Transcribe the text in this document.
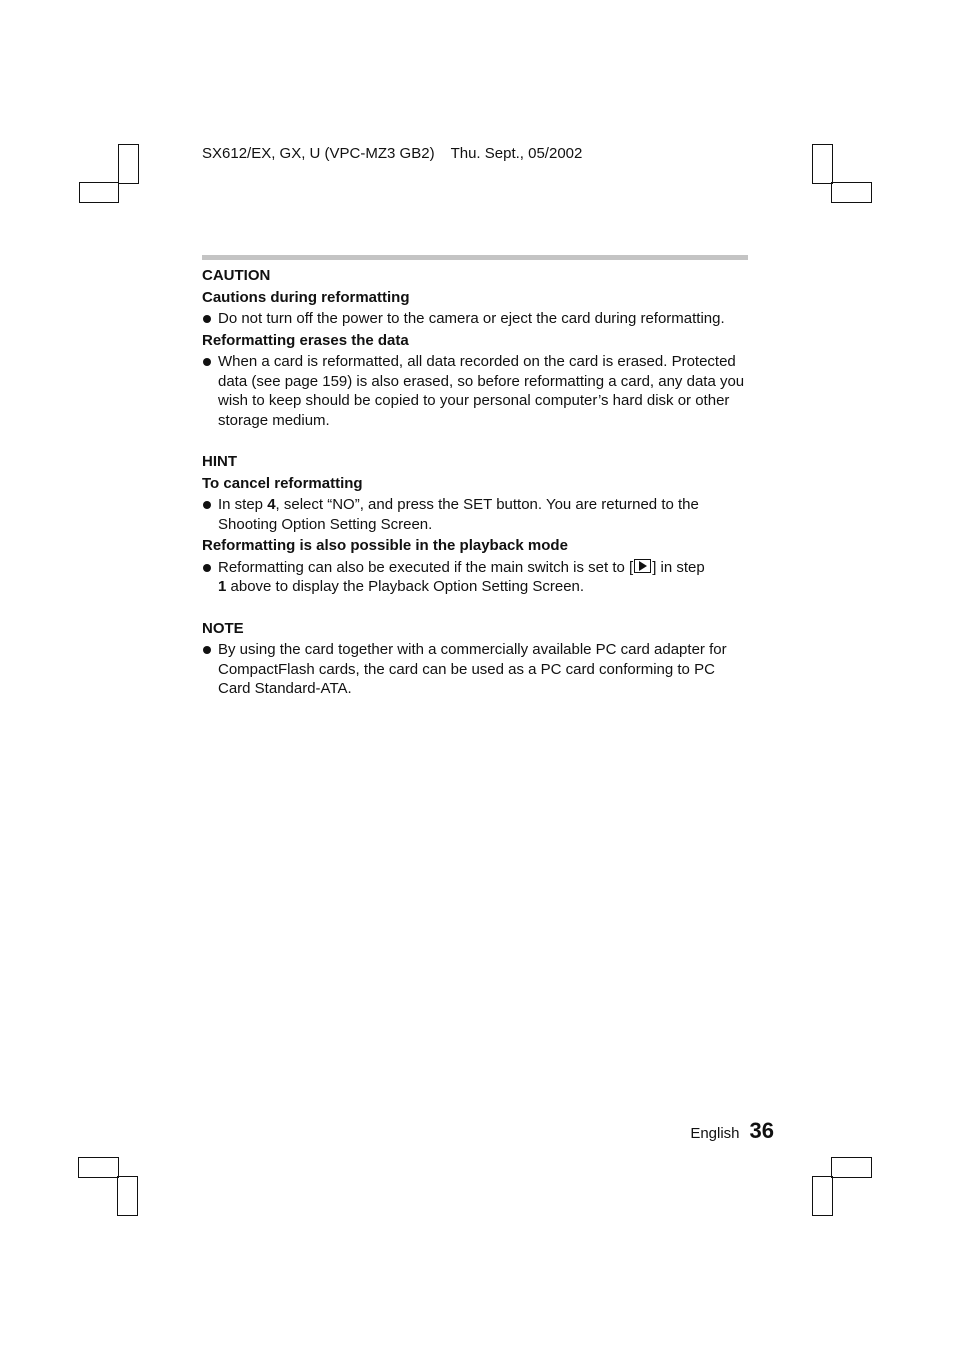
SX612/EX, GX, U (VPC-MZ3 GB2) Thu. Sept., 05/2002
CAUTION
Cautions during reformatting
Do not turn off the power to the camera or eject the card during reformatting.
Reformatting erases the data
When a card is reformatted, all data recorded on the card is erased. Protected data (see page 159) is also erased, so before reformatting a card, any data you wish to keep should be copied to your personal computer’s hard disk or other storage medium.
HINT
To cancel reformatting
In step 4, select “NO”, and press the SET button. You are returned to the Shooting Option Setting Screen.
Reformatting is also possible in the playback mode
Reformatting can also be executed if the main switch is set to [ ] in step
1 above to display the Playback Option Setting Screen.
NOTE
By using the card together with a commercially available PC card adapter for CompactFlash cards, the card can be used as a PC card conforming to PC Card Standard-ATA.
English 36
